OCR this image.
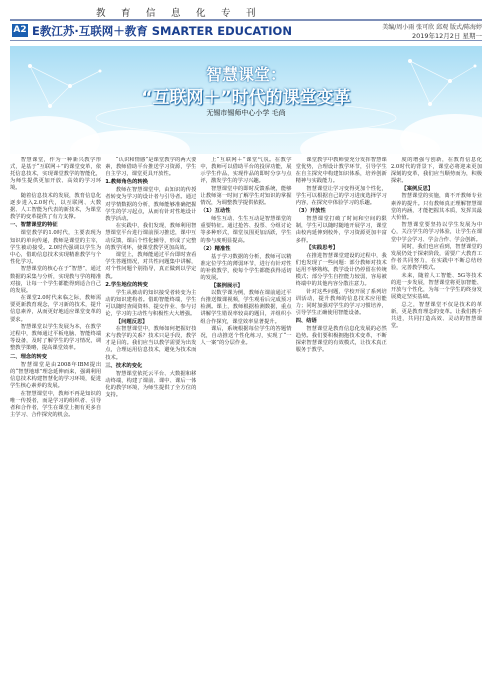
教育信息化专刊
A2 E教江苏·互联网＋教育 SMARTER EDUCATION	美编/周小雨 张可欣 邱观 版式/陈海婷
2019年12月2日 星期一
智慧课堂：
“互联网＋”时代的课堂变革
无锡市锡师中心小学 毛尚

智慧课堂，作为一种新兴教学形式，是基于“互联网＋”的课堂变革，依托信息技术，实现课堂教学的智能化，为师生提供更加开放、高效的学习环境。

随着信息技术的发展，教育信息化逐步进入2.0时代，以互联网、大数据、人工智能为代表的新技术，为课堂教学的变革提供了有力支撑。

一、智慧课堂的特征

课堂教学的1.0时代，主要表现为知识的单向传递，教师是课堂的主宰，学生被动接受。2.0时代强调以学生为中心，借助信息技术实现精准教学与个性化学习。

智慧课堂的核心在于“智慧”，通过数据的采集与分析，实现教与学的精准对接，让每一个学生都能得到适合自己的发展。

在课堂2.0时代来临之际，教师需要更新教育观念，学习新的技术，提升信息素养，从而更好地适应课堂变革的要求。

智慧课堂以学生发展为本，在教学过程中，教师通过平板电脑、智能终端等设备，及时了解学生的学习情况，调整教学策略，提高课堂效率。

二、理念的转变

智慧课堂是由2008年IBM提出的“智慧地球”理念延伸而来，强调利用信息技术构建智慧化的学习环境，促进学生核心素养的发展。

在智慧课堂中，教师不再是知识的唯一传授者，而是学习的组织者、引导者和合作者，学生在课堂上拥有更多自主学习、合作探究的机会。

“认识和情感”是课堂教学的两大要素，教师借助平台推送学习资源，学生自主学习，课堂更具开放性。

1.教师角色的转换

教师在智慧课堂中，由知识的传授者转变为学习的设计者与引导者。通过对学情数据的分析，教师能够准确把握学生的学习起点，从而有针对性地设计教学活动。

在实践中，我们发现，教师利用智慧课堂平台进行课前预习推送，课中互动反馈，课后个性化辅导，形成了完整的教学闭环，使课堂教学更加高效。

课堂上，教师能通过平台即时查看学生答题情况，对共性问题集中讲解，对个性问题个别指导，真正做到以学定教。

2.学生地位的转变

学生从被动的知识接受者转变为主动的知识建构者。借助智能终端，学生可以随时查阅资料、提交作业、参与讨论，学习的主动性与积极性大大增强。

【问题反思】

在智慧课堂中，教师如何把握好技术与教学的关系？技术只是手段，教学才是目的。我们应当以教学需要为出发点，合理运用信息技术，避免为技术而技术。

三、技术的变化

智慧课堂依托云平台、大数据和移动终端，构建了课前、课中、课后一体化的教学环境，为师生提供了全方位的支持。

上“互联网＋”课堂气氛。在教学中，教师可以借助平台的投屏功能，展示学生作品，实现作品的即时分享与点评，激发学生的学习兴趣。

智慧课堂中的即时反馈系统，能够让教师第一时间了解学生对知识的掌握情况，为调整教学提供依据。

（1）互动性

师生互动、生生互动是智慧课堂的重要特征。通过抢答、投票、分组讨论等多种形式，课堂氛围更加活跃，学生的参与度明显提高。

（2）精准性

基于学习数据的分析，教师可以精准定位学生的薄弱环节，进行有针对性的补救教学，使每个学生都能获得适切的发展。

【案例展示】

以数学课为例，教师在课前通过平台推送微课视频，学生观看后完成预习检测。课上，教师根据检测数据，重点讲解学生错误率较高的题目，并组织小组合作探究，课堂效率显著提升。

课后，系统根据每位学生的答题情况，自动推送个性化练习，实现了“一人一案”的分层作业。

课堂教学中教师要充分发挥智慧课堂优势，合理设计教学环节，引导学生在自主探究中构建知识体系，培养创新精神与实践能力。

智慧课堂让学习变得更加个性化，学生可以根据自己的学习进度选择学习内容，在探究中体验学习的乐趣。

（3）开放性

智慧课堂打破了时间和空间的限制，学生可以随时随地开展学习，课堂由校内延伸到校外，学习资源更加丰富多样。

【实践思考】

在推进智慧课堂建设的过程中，我们也发现了一些问题：部分教师对技术运用不够熟练，教学设计仍停留在传统模式；部分学生自控能力较弱，容易被终端中的其他内容分散注意力。

针对这些问题，学校开展了系列培训活动，提升教师的信息技术应用能力；同时加强对学生的学习习惯培养，引导学生正确使用智能设备。

四、结语

智慧课堂是教育信息化发展的必然趋势。我们要积极拥抱技术变革，不断探索智慧课堂的有效模式，让技术真正服务于教学。

度的增强与创新，在教育信息化2.0时代的背景下，课堂必将迎来更加深刻的变革，我们应当顺势而为，积极探索。

【案例反思】

智慧课堂的实施，离不开教师专业素养的提升。只有教师真正理解智慧课堂的内涵，才能把握其本质，发挥其最大价值。

智慧课堂要坚持以学生发展为中心，关注学生的学习体验，让学生在课堂中学会学习、学会合作、学会创新。

同时，我们也应看到，智慧课堂的发展仍处于探索阶段，需要广大教育工作者共同努力，在实践中不断总结经验，完善教学模式。

未来，随着人工智能、5G等技术的进一步发展，智慧课堂将更加智能、开放与个性化，为每一个学生的终身发展奠定坚实基础。

总之，智慧课堂不仅是技术的革新，更是教育理念的变革。让我们携手共进，共同打造高效、灵动的智慧课堂。
